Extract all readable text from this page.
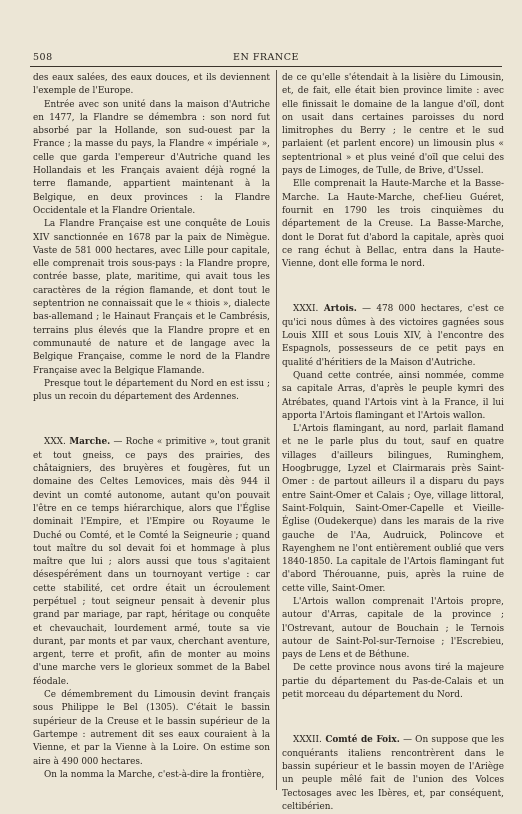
508	EN FRANCE

des eaux salées, des eaux douces, et ils deviennent l'exemple de l'Europe.

Entrée avec son unité dans la maison d'Autriche en 1477, la Flandre se démembra : son nord fut absorbé par la Hollande, son sud-ouest par la France ; la masse du pays, la Flandre « impériale », celle que garda l'empereur d'Autriche quand les Hollandais et les Français avaient déjà rogné la terre flamande, appartient maintenant à la Belgique, en deux provinces : la Flandre Occidentale et la Flandre Orientale.

La Flandre Française est une conquête de Louis XIV sanctionnée en 1678 par la paix de Nimègue. Vaste de 581 000 hectares, avec Lille pour capitale, elle comprenait trois sous-pays : la Flandre propre, contrée basse, plate, maritime, qui avait tous les caractères de la région flamande, et dont tout le septentrion ne connaissait que le « thiois », dialecte bas-allemand ; le Hainaut Français et le Cambrésis, terrains plus élevés que la Flandre propre et en communauté de nature et de langage avec la Belgique Française, comme le nord de la Flandre Française avec la Belgique Flamande.

Presque tout le département du Nord en est issu ; plus un recoin du département des Ardennes.

XXX. Marche. — Roche « primitive », tout granit et tout gneiss, ce pays des prairies, des châtaigniers, des bruyères et fougères, fut un domaine des Celtes Lemovices, mais dès 944 il devint un comté autonome, autant qu'on pouvait l'être en ce temps hiérarchique, alors que l'Église dominait l'Empire, et l'Empire ou Royaume le Duché ou Comté, et le Comté la Seigneurie ; quand tout maître du sol devait foi et hommage à plus maître que lui ; alors aussi que tous s'agitaient désespérément dans un tournoyant vertige : car cette stabilité, cet ordre était un écroulement perpétuel ; tout seigneur pensait à devenir plus grand par mariage, par rapt, héritage ou conquête et chevauchait, lourdement armé, toute sa vie durant, par monts et par vaux, cherchant aventure, argent, terre et profit, afin de monter au moins d'une marche vers le glorieux sommet de la Babel féodale.

Ce démembrement du Limousin devint français sous Philippe le Bel (1305). C'était le bassin supérieur de la Creuse et le bassin supérieur de la Gartempe : autrement dit ses eaux couraient à la Vienne, et par la Vienne à la Loire. On estime son aire à 490 000 hectares.

On la nomma la Marche, c'est-à-dire la frontière,

de ce qu'elle s'étendait à la lisière du Limousin, et, de fait, elle était bien province limite : avec elle finissait le domaine de la langue d'oïl, dont on usait dans certaines paroisses du nord limitrophes du Berry ; le centre et le sud parlaient (et parlent encore) un limousin plus « septentrional » et plus veiné d'oïl que celui des pays de Limoges, de Tulle, de Brive, d'Ussel.

Elle comprenait la Haute-Marche et la Basse-Marche. La Haute-Marche, chef-lieu Guéret, fournit en 1790 les trois cinquièmes du département de la Creuse. La Basse-Marche, dont le Dorat fut d'abord la capitale, après quoi ce rang échut à Bellac, entra dans la Haute-Vienne, dont elle forma le nord.

XXXI. Artois. — 478 000 hectares, c'est ce qu'ici nous dûmes à des victoires gagnées sous Louis XIII et sous Louis XIV, à l'encontre des Espagnols, possesseurs de ce petit pays en qualité d'héritiers de la Maison d'Autriche.

Quand cette contrée, ainsi nommée, comme sa capitale Arras, d'après le peuple kymri des Atrébates, quand l'Artois vint à la France, il lui apporta l'Artois flamingant et l'Artois wallon.

L'Artois flamingant, au nord, parlait flamand et ne le parle plus du tout, sauf en quatre villages d'ailleurs bilingues, Ruminghem, Hoogbrugge, Lyzel et Clairmarais près Saint-Omer : de partout ailleurs il a disparu du pays entre Saint-Omer et Calais ; Oye, village littoral, Saint-Folquin, Saint-Omer-Capelle et Vieille-Église (Oudekerque) dans les marais de la rive gauche de l'Aa, Audruick, Polincove et Rayenghem ne l'ont entièrement oublié que vers 1840-1850. La capitale de l'Artois flamingant fut d'abord Thérouanne, puis, après la ruine de cette ville, Saint-Omer.

L'Artois wallon comprenait l'Artois propre, autour d'Arras, capitale de la province ; l'Ostrevant, autour de Bouchain ; le Ternois autour de Saint-Pol-sur-Ternoise ; l'Escrebieu, pays de Lens et de Béthune.

De cette province nous avons tiré la majeure partie du département du Pas-de-Calais et un petit morceau du département du Nord.

XXXII. Comté de Foix. — On suppose que les conquérants italiens rencontrèrent dans le bassin supérieur et le bassin moyen de l'Ariège un peuple mêlé fait de l'union des Volces Tectosages avec les Ibères, et, par conséquent, celtibérien.
